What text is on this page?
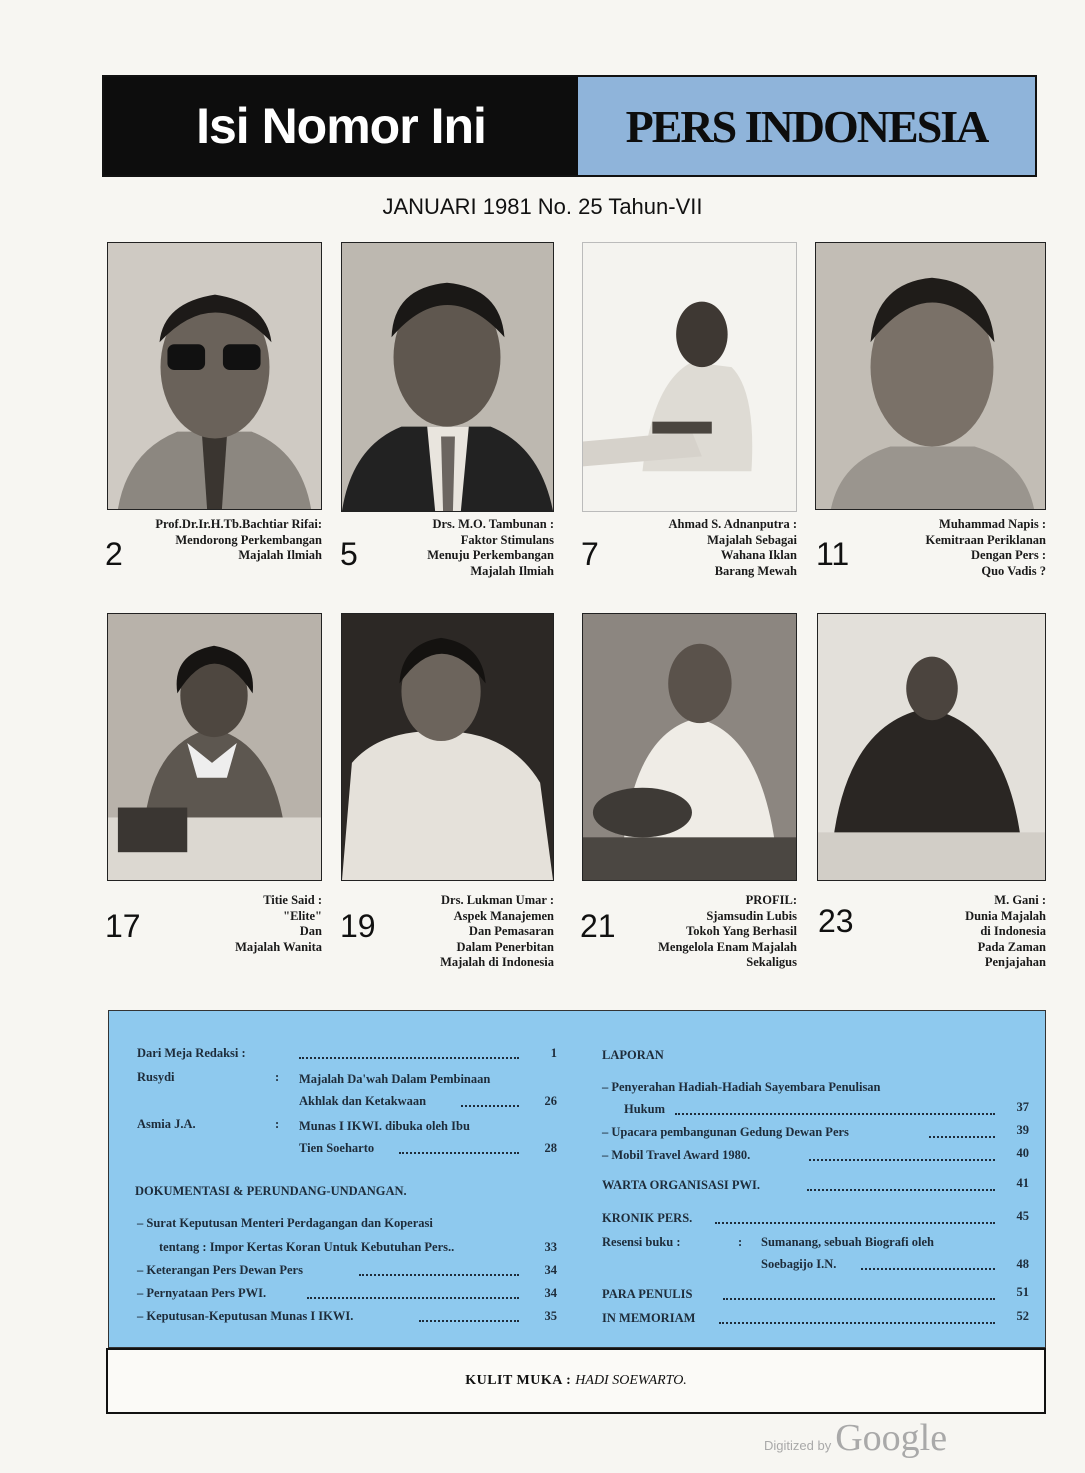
Isi Nomor Ini	PERS INDONESIA
JANUARI 1981 No. 25 Tahun-VII
2
Prof.Dr.Ir.H.Tb.Bachtiar Rifai:
Mendorong Perkembangan
Majalah Ilmiah 5
Drs. M.O. Tambunan :
Faktor Stimulans
Menuju Perkembangan
Majalah Ilmiah 7
Ahmad S. Adnanputra :
Majalah Sebagai
Wahana Iklan
Barang Mewah 11
Muhammad Napis :
Kemitraan Periklanan
Dengan Pers :
Quo Vadis ?
17
Titie Said :
"Elite"
Dan
Majalah Wanita
19
Drs. Lukman Umar :
Aspek Manajemen
Dan Pemasaran
Dalam Penerbitan
Majalah di Indonesia
21
PROFIL:
Sjamsudin Lubis
Tokoh Yang Berhasil
Mengelola Enam Majalah
Sekaligus
23
M. Gani :
Dunia Majalah
di Indonesia
Pada Zaman
Penjajahan
Dari Meja Redaksi :	1
Rusydi	: Majalah Da'wah Dalam Pembinaan
Akhlak dan Ketakwaan	26
Asmia J.A.	: Munas I IKWI. dibuka oleh Ibu
Tien Soeharto	28
DOKUMENTASI & PERUNDANG-UNDANGAN.
– Surat Keputusan Menteri Perdagangan dan Koperasi
tentang : Impor Kertas Koran Untuk Kebutuhan Pers..	33
– Keterangan Pers Dewan Pers	34
– Pernyataan Pers PWI.	34
– Keputusan-Keputusan Munas I IKWI.	35
LAPORAN
– Penyerahan Hadiah-Hadiah Sayembara Penulisan
Hukum	37
– Upacara pembangunan Gedung Dewan Pers	39
– Mobil Travel Award 1980.	40
WARTA ORGANISASI PWI.	41
KRONIK PERS.	45
Resensi buku :	: Sumanang, sebuah Biografi oleh
Soebagijo I.N.	48
PARA PENULIS	51
IN MEMORIAM	52
KULIT MUKA : HADI SOEWARTO.
Digitized by Google
